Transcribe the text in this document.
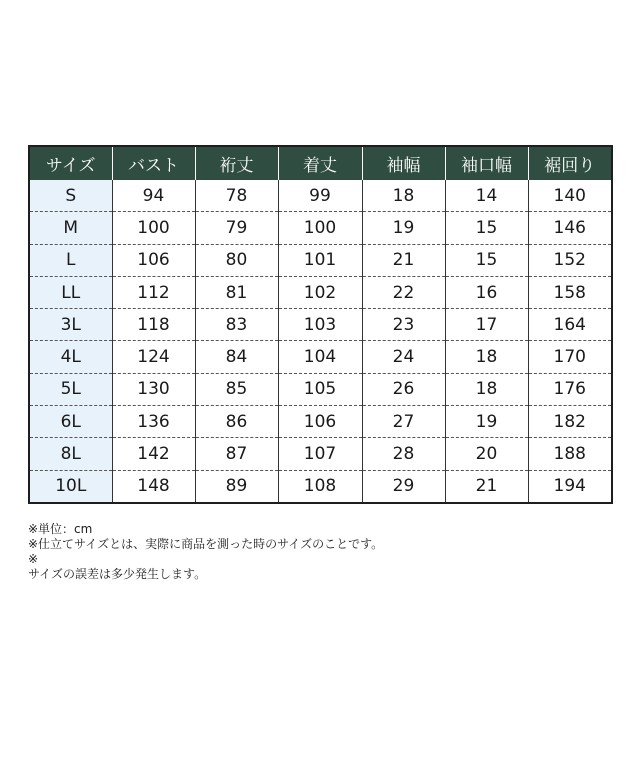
サイズ	バスト	裄丈	着丈	袖幅	袖口幅	裾回り
S	94	78	99	18	14	140
M	100	79	100	19	15	146
L	106	80	101	21	15	152
LL	112	81	102	22	16	158
3L	118	83	103	23	17	164
4L	124	84	104	24	18	170
5L	130	85	105	26	18	176
6L	136	86	106	27	19	182
8L	142	87	107	28	20	188
10L	148	89	108	29	21	194
※単位：cm
※仕立てサイズとは、実際に商品を測った時のサイズのことです。
※
サイズの誤差は多少発生します。
